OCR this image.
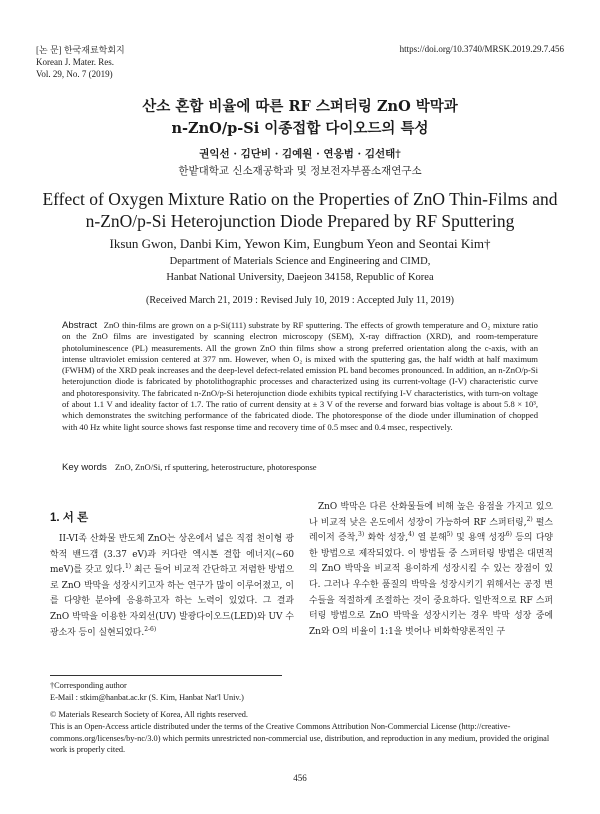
[논 문] 한국재료학회지
Korean J. Mater. Res.
Vol. 29, No. 7 (2019)
https://doi.org/10.3740/MRSK.2019.29.7.456
산소 혼합 비율에 따른 RF 스퍼터링 ZnO 박막과
n-ZnO/p-Si 이종접합 다이오드의 특성
권익선 · 김단비 · 김예원 · 연응범 · 김선태†
한밭대학교 신소재공학과 및 정보전자부품소재연구소
Effect of Oxygen Mixture Ratio on the Properties of ZnO Thin-Films and
n-ZnO/p-Si Heterojunction Diode Prepared by RF Sputtering
Iksun Gwon, Danbi Kim, Yewon Kim, Eungbum Yeon and Seontai Kim†
Department of Materials Science and Engineering and CIMD,
Hanbat National University, Daejeon 34158, Republic of Korea
(Received March 21, 2019 : Revised July 10, 2019 : Accepted July 11, 2019)
Abstract ZnO thin-films are grown on a p-Si(111) substrate by RF sputtering. The effects of growth temperature and O₂ mixture ratio on the ZnO films are investigated by scanning electron microscopy (SEM), X-ray diffraction (XRD), and room-temperature photoluminescence (PL) measurements. All the grown ZnO thin films show a strong preferred orientation along the c-axis, with an intense ultraviolet emission centered at 377 nm. However, when O₂ is mixed with the sputtering gas, the half width at half maximum (FWHM) of the XRD peak increases and the deep-level defect-related emission PL band becomes pronounced. In addition, an n-ZnO/p-Si heterojunction diode is fabricated by photolithographic processes and characterized using its current-voltage (I-V) characteristic curve and photoresponsivity. The fabricated n-ZnO/p-Si heterojunction diode exhibits typical rectifying I-V characteristics, with turn-on voltage of about 1.1 V and ideality factor of 1.7. The ratio of current density at ± 3 V of the reverse and forward bias voltage is about 5.8 × 10³, which demonstrates the switching performance of the fabricated diode. The photoresponse of the diode under illumination of chopped with 40 Hz white light source shows fast response time and recovery time of 0.5 msec and 0.4 msec, respectively.
Key words ZnO, ZnO/Si, rf sputtering, heterostructure, photoresponse
1. 서 론
II-VI족 산화물 반도체 ZnO는 상온에서 넓은 직접 천이형 광학적 밴드갭 (3.37 eV)과 커다란 엑시톤 결합 에너지(~60 meV)를 갖고 있다.$^{1)}$ 최근 들어 비교적 간단하고 저렴한 방법으로 ZnO 박막을 성장시키고자 하는 연구가 많이 이루어졌고, 이를 다양한 분야에 응용하고자 하는 노력이 있었다. 그 결과 ZnO 박막을 이용한 자외선(UV) 발광다이오드(LED)와 UV 수광소자 등이 실현되었다.$^{2-6)}$
ZnO 박막은 다른 산화물들에 비해 높은 융점을 가지고 있으나 비교적 낮은 온도에서 성장이 가능하여 RF 스퍼터링,$^{2)}$ 펄스 레이저 증착,$^{3)}$ 화학 성장,$^{4)}$ 열 분해$^{5)}$ 및 용액 성장$^{6)}$ 등의 다양한 방법으로 제작되었다. 이 방법들 중 스퍼터링 방법은 대면적의 ZnO 박막을 비교적 용이하게 성장시킬 수 있는 장점이 있다. 그러나 우수한 품질의 박막을 성장시키기 위해서는 공정 변수들을 적절하게 조절하는 것이 중요하다. 일반적으로 RF 스퍼터링 방법으로 ZnO 박막을 성장시키는 경우 박막 성장 중에 Zn와 O의 비율이 1:1을 벗어나 비화학양론적인 구
†Corresponding author
E-Mail : stkim@hanbat.ac.kr (S. Kim, Hanbat Nat'l Univ.)
© Materials Research Society of Korea, All rights reserved.
This is an Open-Access article distributed under the terms of the Creative Commons Attribution Non-Commercial License (http://creative-commons.org/licenses/by-nc/3.0) which permits unrestricted non-commercial use, distribution, and reproduction in any medium, provided the original work is properly cited.
456
